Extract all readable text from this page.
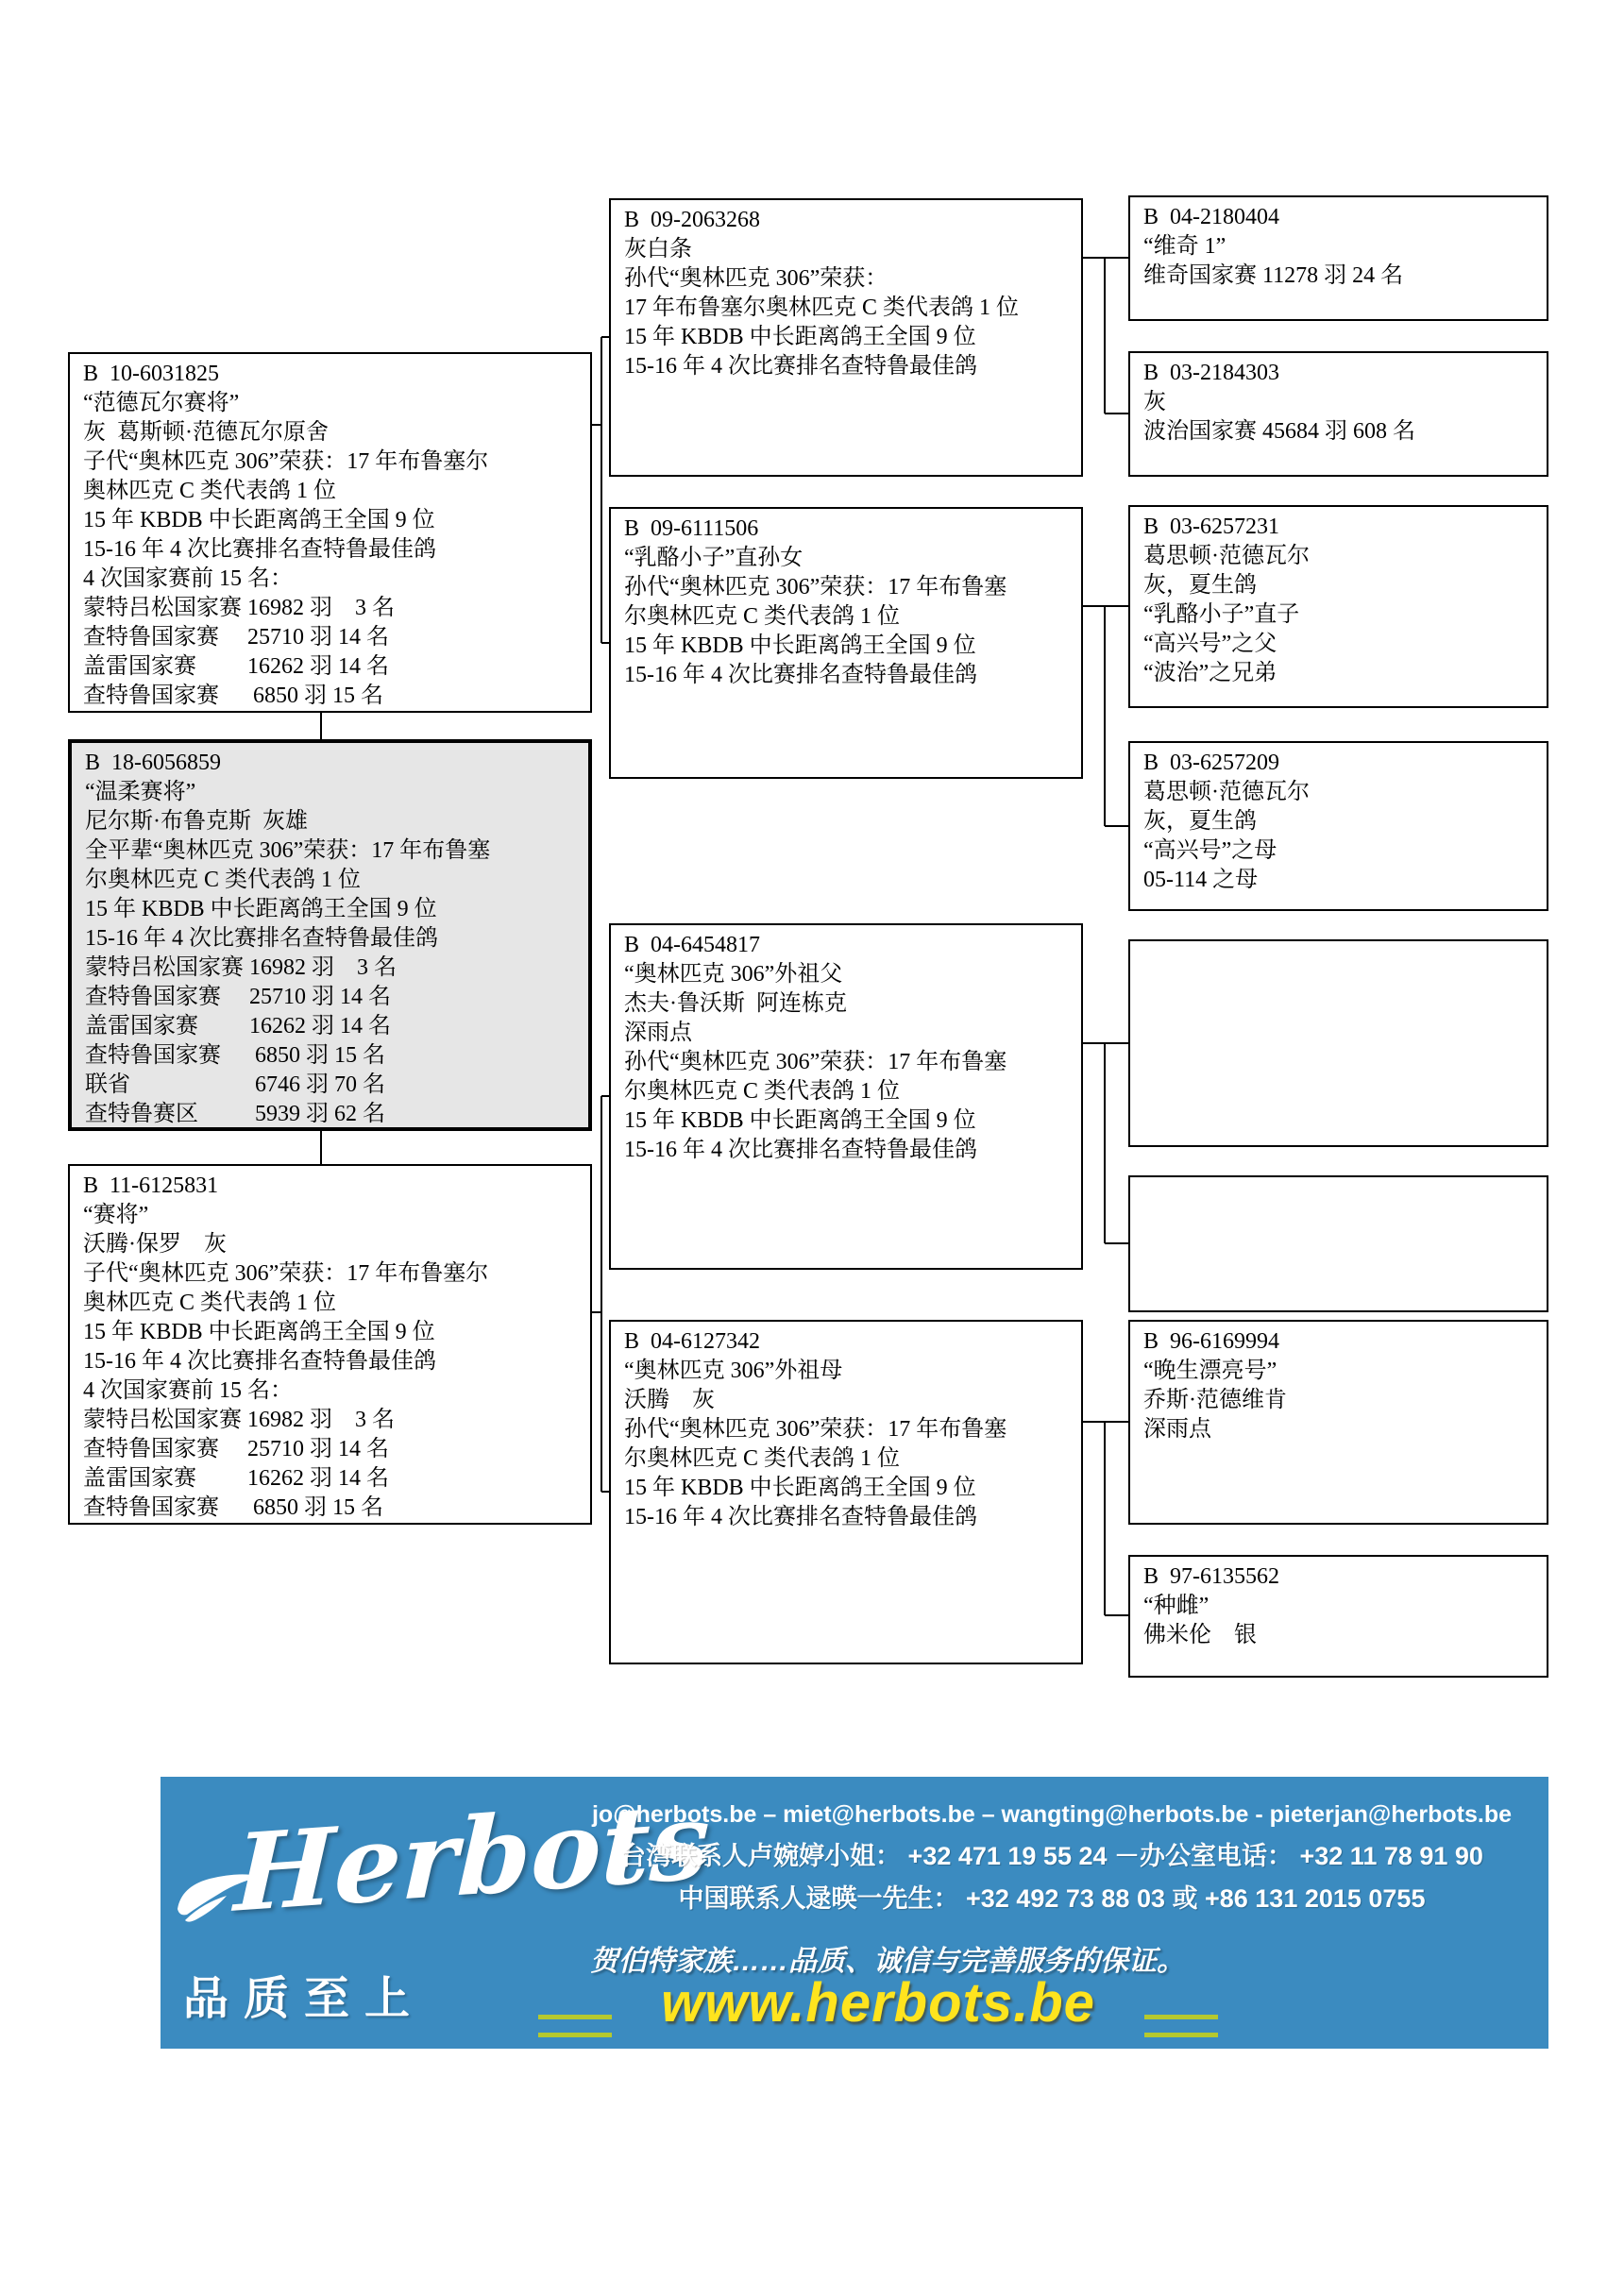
B  10-6031825
“范德瓦尔赛将”
灰  葛斯顿·范德瓦尔原舍
子代“奥林匹克 306”荣获：17 年布鲁塞尔
奥林匹克 C 类代表鸽 1 位
15 年 KBDB 中长距离鸽王全国 9 位
15-16 年 4 次比赛排名查特鲁最佳鸽
4 次国家赛前 15 名：
蒙特吕松国家赛 16982 羽　3 名
查特鲁国家赛　 25710 羽 14 名
盖雷国家赛　　 16262 羽 14 名
查特鲁国家赛　  6850 羽 15 名
B  18-6056859
“温柔赛将”
尼尔斯·布鲁克斯  灰雄
全平辈“奥林匹克 306”荣获：17 年布鲁塞
尔奥林匹克 C 类代表鸽 1 位
15 年 KBDB 中长距离鸽王全国 9 位
15-16 年 4 次比赛排名查特鲁最佳鸽
蒙特吕松国家赛 16982 羽　3 名
查特鲁国家赛　 25710 羽 14 名
盖雷国家赛　　 16262 羽 14 名
查特鲁国家赛　  6850 羽 15 名
联省　　　　　  6746 羽 70 名
查特鲁赛区　　  5939 羽 62 名
B  11-6125831
“赛将”
沃腾·保罗　灰
子代“奥林匹克 306”荣获：17 年布鲁塞尔
奥林匹克 C 类代表鸽 1 位
15 年 KBDB 中长距离鸽王全国 9 位
15-16 年 4 次比赛排名查特鲁最佳鸽
4 次国家赛前 15 名：
蒙特吕松国家赛 16982 羽　3 名
查特鲁国家赛　 25710 羽 14 名
盖雷国家赛　　 16262 羽 14 名
查特鲁国家赛　  6850 羽 15 名
B  09-2063268
灰白条
孙代“奥林匹克 306”荣获：
17 年布鲁塞尔奥林匹克 C 类代表鸽 1 位
15 年 KBDB 中长距离鸽王全国 9 位
15-16 年 4 次比赛排名查特鲁最佳鸽
B  09-6111506
“乳酪小子”直孙女
孙代“奥林匹克 306”荣获：17 年布鲁塞
尔奥林匹克 C 类代表鸽 1 位
15 年 KBDB 中长距离鸽王全国 9 位
15-16 年 4 次比赛排名查特鲁最佳鸽
B  04-6454817
“奥林匹克 306”外祖父
杰夫·鲁沃斯  阿连栋克
深雨点
孙代“奥林匹克 306”荣获：17 年布鲁塞
尔奥林匹克 C 类代表鸽 1 位
15 年 KBDB 中长距离鸽王全国 9 位
15-16 年 4 次比赛排名查特鲁最佳鸽
B  04-6127342
“奥林匹克 306”外祖母
沃腾　灰
孙代“奥林匹克 306”荣获：17 年布鲁塞
尔奥林匹克 C 类代表鸽 1 位
15 年 KBDB 中长距离鸽王全国 9 位
15-16 年 4 次比赛排名查特鲁最佳鸽
B  04-2180404
“维奇 1”
维奇国家赛 11278 羽 24 名
B  03-2184303
灰
波治国家赛 45684 羽 608 名
B  03-6257231
葛思顿·范德瓦尔
灰，夏生鸽
“乳酪小子”直子
“高兴号”之父
“波治”之兄弟
B  03-6257209
葛思顿·范德瓦尔
灰，夏生鸽
“高兴号”之母
05-114 之母
B  96-6169994
“晚生漂亮号”
乔斯·范德维肯
深雨点
B  97-6135562
“种雌”
佛米伦　银
Herbots
品质至上
jo@herbots.be – miet@herbots.be – wangting@herbots.be - pieterjan@herbots.be
台湾联系人卢婉婷小姐： +32 471 19 55 24 －办公室电话： +32 11 78 91 90
中国联系人逯暎一先生： +32 492 73 88 03 或 +86 131 2015 0755
贺伯特家族……品质、诚信与完善服务的保证。
www.herbots.be
